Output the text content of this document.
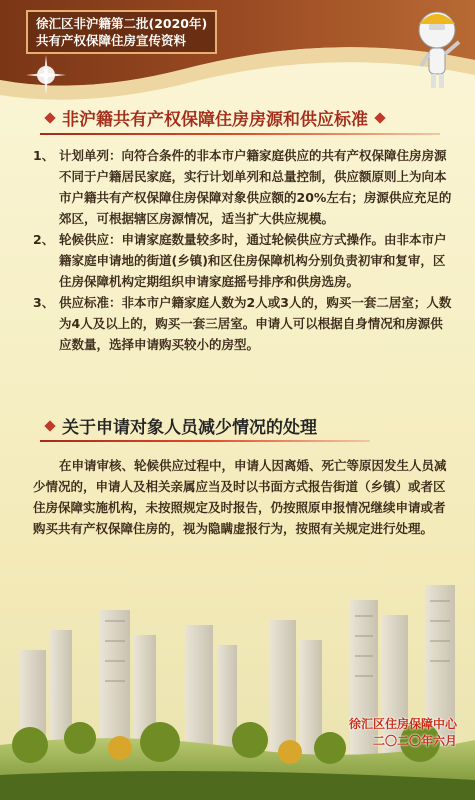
徐汇区非沪籍第二批(2020年)
共有产权保障住房宣传资料
非沪籍共有产权保障住房房源和供应标准
1、 计划单列：向符合条件的非本市户籍家庭供应的共有产权保障住房房源不同于户籍居民家庭，实行计划单列和总量控制，供应额原则上为向本市户籍共有产权保障住房保障对象供应额的20%左右；房源供应充足的郊区，可根据辖区房源情况，适当扩大供应规模。
2、 轮候供应：申请家庭数量较多时，通过轮候供应方式操作。由非本市户籍家庭申请地的街道(乡镇)和区住房保障机构分别负责初审和复审，区住房保障机构定期组织申请家庭摇号排序和供房选房。
3、 供应标准：非本市户籍家庭人数为2人或3人的，购买一套二居室；人数为4人及以上的，购买一套三居室。申请人可以根据自身情况和房源供应数量，选择申请购买较小的房型。
关于申请对象人员减少情况的处理
在申请审核、轮候供应过程中，申请人因离婚、死亡等原因发生人员减少情况的，申请人及相关亲属应当及时以书面方式报告街道（乡镇）或者区住房保障实施机构，未按照规定及时报告，仍按照原申报情况继续申请或者购买共有产权保障住房的，视为隐瞒虚报行为，按照有关规定进行处理。
徐汇区住房保障中心
二〇二〇年六月
